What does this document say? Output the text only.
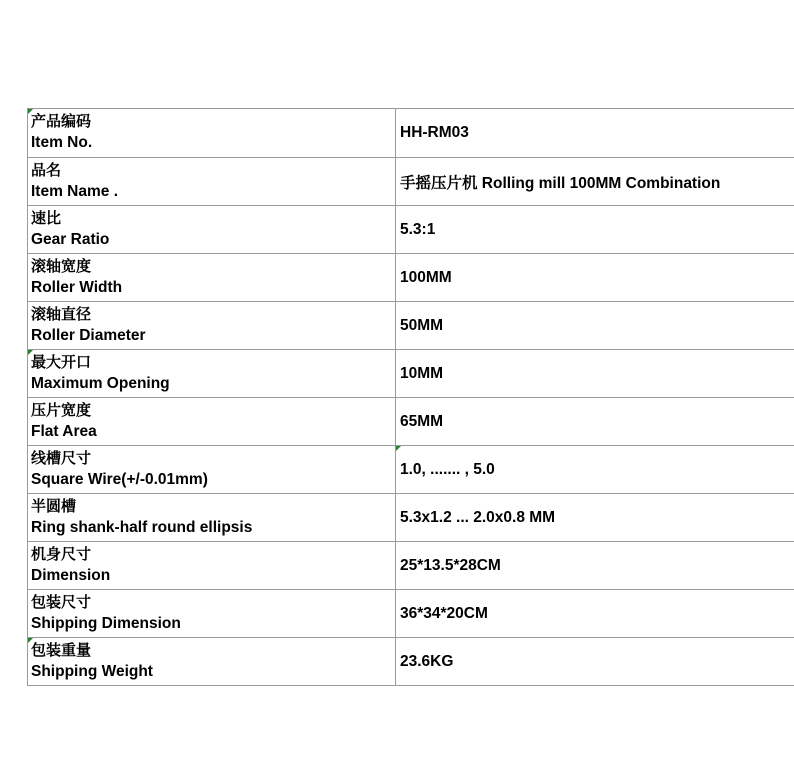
产品编码
Item No.
HH-RM03
品名
Item Name .	手摇压片机 Rolling mill 100MM Combination
速比
Gear Ratio
5.3:1
滚轴宽度
Roller Width
100MM
滚轴直径
Roller Diameter
50MM
最大开口
Maximum Opening
10MM
压片宽度
Flat Area
65MM
线槽尺寸
Square Wire(+/-0.01mm)
1.0, ....... , 5.0
半圆槽
Ring shank-half round ellipsis
5.3x1.2 ... 2.0x0.8 MM
机身尺寸
Dimension
25*13.5*28CM
包装尺寸
Shipping Dimension
36*34*20CM
包装重量
Shipping Weight
23.6KG
